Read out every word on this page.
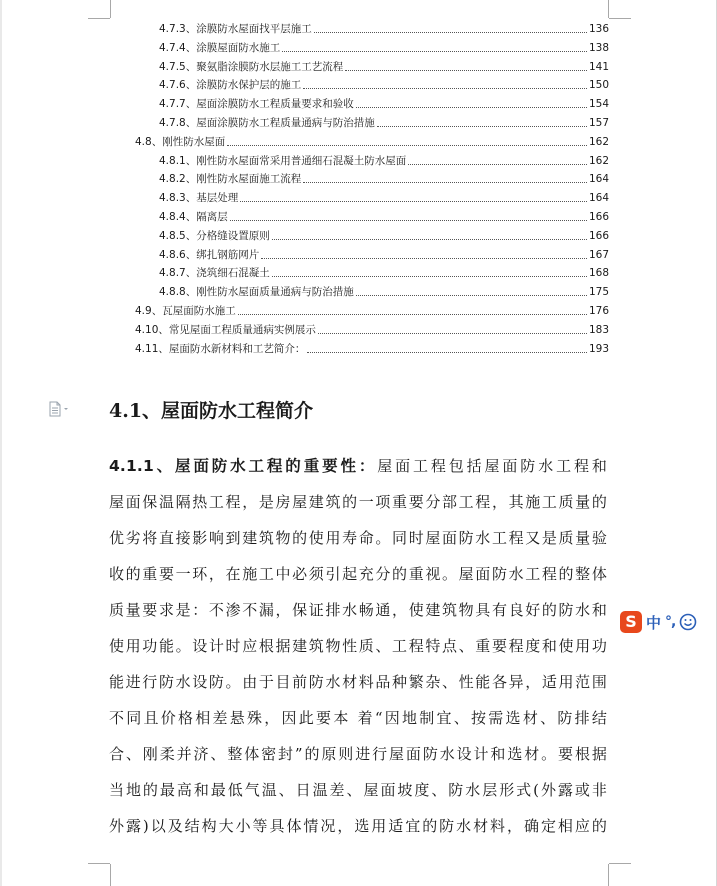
4.7.3、涂膜防水屋面找平层施工	136
4.7.4、涂膜屋面防水施工	138
4.7.5、聚氨脂涂膜防水层施工工艺流程	141
4.7.6、涂膜防水保护层的施工	150
4.7.7、屋面涂膜防水工程质量要求和验收	154
4.7.8、屋面涂膜防水工程质量通病与防治措施	157
4.8、刚性防水屋面	162
4.8.1、刚性防水屋面常采用普通细石混凝土防水屋面	162
4.8.2、刚性防水屋面施工流程	164
4.8.3、基层处理	164
4.8.4、隔离层	166
4.8.5、分格缝设置原则	166
4.8.6、绑扎钢筋网片	167
4.8.7、浇筑细石混凝土	168
4.8.8、刚性防水屋面质量通病与防治措施	175
4.9、瓦屋面防水施工	176
4.10、常见屋面工程质量通病实例展示	183
4.11、屋面防水新材料和工艺简介：	193
4.1、屋面防水工程简介
4.1.1、屋面防水工程的重要性：屋面工程包括屋面防水工程和
屋面保温隔热工程，是房屋建筑的一项重要分部工程，其施工质量的
优劣将直接影响到建筑物的使用寿命。同时屋面防水工程又是质量验
收的重要一环，在施工中必须引起充分的重视。屋面防水工程的整体
质量要求是：不渗不漏，保证排水畅通，使建筑物具有良好的防水和
使用功能。设计时应根据建筑物性质、工程特点、重要程度和使用功
能进行防水设防。由于目前防水材料品种繁杂、性能各异，适用范围
不同且价格相差悬殊，因此要本 着“因地制宜、按需选材、防排结
合、刚柔并济、整体密封”的原则进行屋面防水设计和选材。要根据
当地的最高和最低气温、日温差、屋面坡度、防水层形式(外露或非
外露)以及结构大小等具体情况，选用适宜的防水材料，确定相应的
S 中 °,
